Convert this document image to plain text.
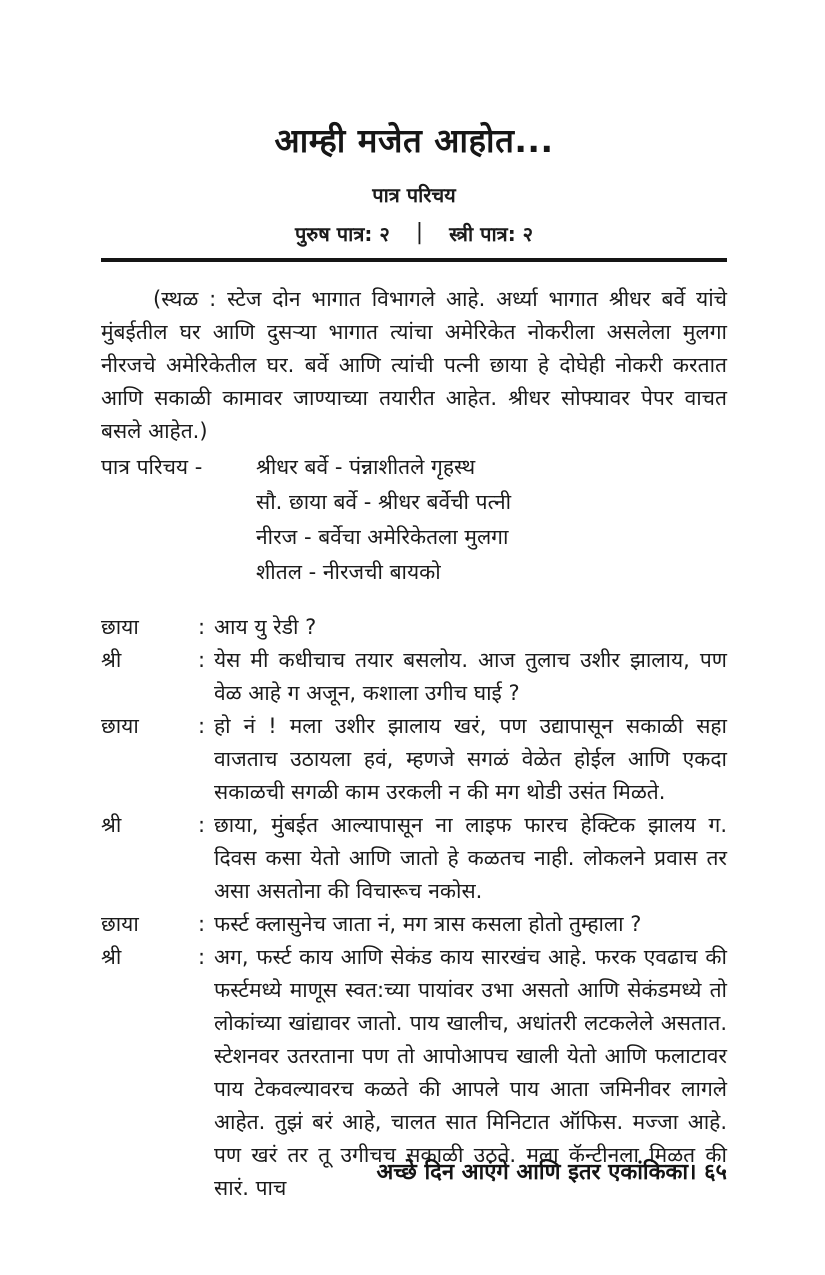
आम्ही मजेत आहोत...
पात्र परिचय
पुरुष पात्र: २ | स्त्री पात्र: २
(स्थळ : स्टेज दोन भागात विभागले आहे. अर्ध्या भागात श्रीधर बर्वे यांचे मुंबईतील घर आणि दुसऱ्या भागात त्यांचा अमेरिकेत नोकरीला असलेला मुलगा नीरजचे अमेरिकेतील घर. बर्वे आणि त्यांची पत्नी छाया हे दोघेही नोकरी करतात आणि सकाळी कामावर जाण्याच्या तयारीत आहेत. श्रीधर सोफ्यावर पेपर वाचत बसले आहेत.)
पात्र परिचय -	श्रीधर बर्वे - पंन्नाशीतले गृहस्थ
सौ. छाया बर्वे - श्रीधर बर्वेची पत्नी
नीरज - बर्वेचा अमेरिकेतला मुलगा
शीतल - नीरजची बायको
छाया	: आय यु रेडी ?
श्री	: येस मी कधीचाच तयार बसलोय. आज तुलाच उशीर झालाय, पण वेळ आहे ग अजून, कशाला उगीच घाई ?
छाया	: हो नं ! मला उशीर झालाय खरं, पण उद्यापासून सकाळी सहा वाजताच उठायला हवं, म्हणजे सगळं वेळेत होईल आणि एकदा सकाळची सगळी काम उरकली न की मग थोडी उसंत मिळते.
श्री	: छाया, मुंबईत आल्यापासून ना लाइफ फारच हेक्टिक झालय ग. दिवस कसा येतो आणि जातो हे कळतच नाही. लोकलने प्रवास तर असा असतोना की विचारूच नकोस.
छाया	: फर्स्ट क्लासुनेच जाता नं, मग त्रास कसला होतो तुम्हाला ?
श्री	: अग, फर्स्ट काय आणि सेकंड काय सारखंच आहे. फरक एवढाच की फर्स्टमध्ये माणूस स्वत:च्या पायांवर उभा असतो आणि सेकंडमध्ये तो लोकांच्या खांद्यावर जातो. पाय खालीच, अधांतरी लटकलेले असतात. स्टेशनवर उतरताना पण तो आपोआपच खाली येतो आणि फलाटावर पाय टेकवल्यावरच कळते की आपले पाय आता जमिनीवर लागले आहेत. तुझं बरं आहे, चालत सात मिनिटात ऑफिस. मज्जा आहे. पण खरं तर तू उगीचच सकाळी उठते. मला कॅन्टीनला मिळत की सारं. पाच
अच्छे दिन आएंगे आणि इतर एकांकिका। ६५
